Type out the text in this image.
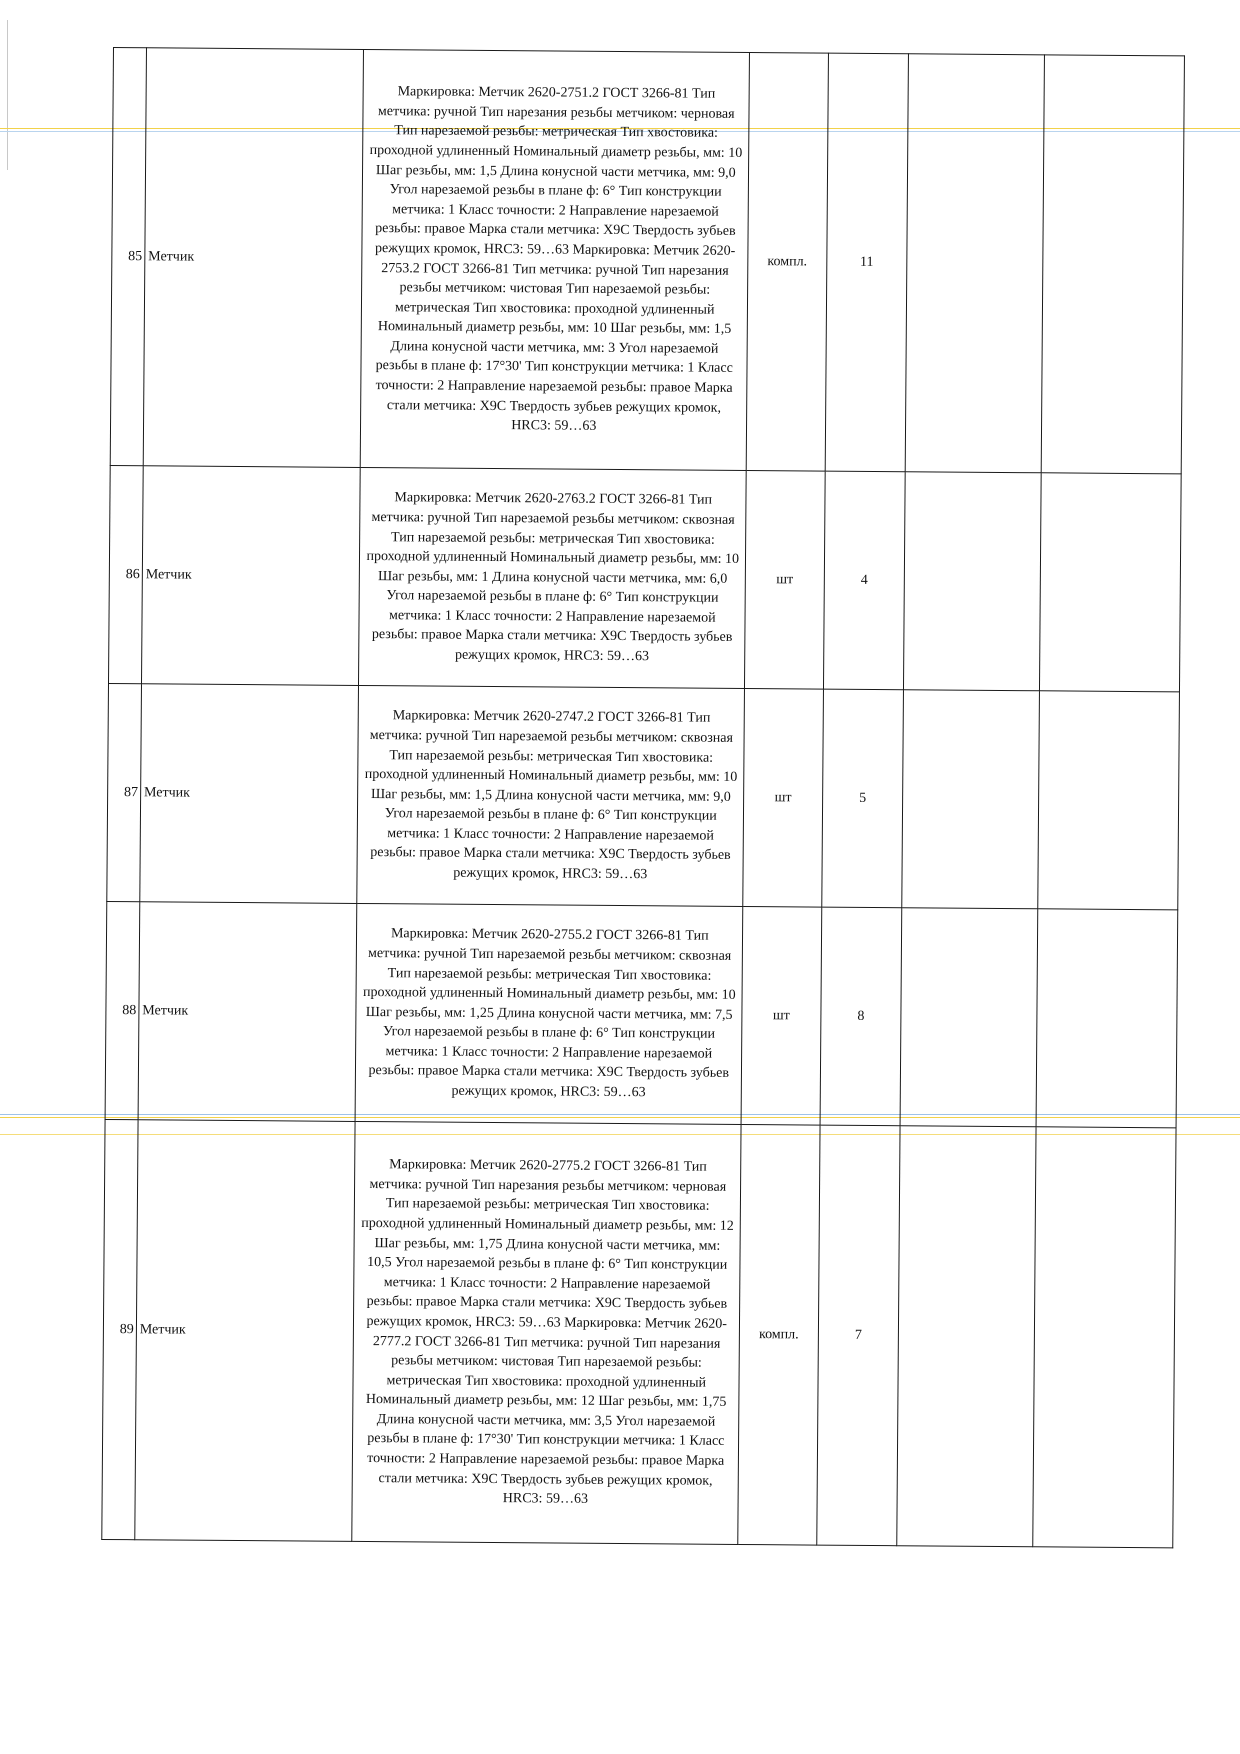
85	Метчик	Маркировка: Метчик 2620-2751.2 ГОСТ 3266-81 Тип метчика: ручной Тип нарезания резьбы метчиком: черновая Тип нарезаемой резьбы: метрическая Тип хвостовика: проходной удлиненный Номинальный диаметр резьбы, мм: 10 Шаг резьбы, мм: 1,5 Длина конусной части метчика, мм: 9,0 Угол нарезаемой резьбы в плане ф: 6° Тип конструкции метчика: 1 Класс точности: 2 Направление нарезаемой резьбы: правое Марка стали метчика: Х9С Твердость зубьев режущих кромок, HRC3: 59…63 Маркировка: Метчик 2620-2753.2 ГОСТ 3266-81 Тип метчика: ручной Тип нарезания резьбы метчиком: чистовая Тип нарезаемой резьбы: метрическая Тип хвостовика: проходной удлиненный Номинальный диаметр резьбы, мм: 10 Шаг резьбы, мм: 1,5 Длина конусной части метчика, мм: 3 Угол нарезаемой резьбы в плане ф: 17°30' Тип конструкции метчика: 1 Класс точности: 2 Направление нарезаемой резьбы: правое Марка стали метчика: Х9С Твердость зубьев режущих кромок, HRC3: 59…63	компл.	11		
86	Метчик	Маркировка: Метчик 2620-2763.2 ГОСТ 3266-81 Тип метчика: ручной Тип нарезаемой резьбы метчиком: сквозная Тип нарезаемой резьбы: метрическая Тип хвостовика: проходной удлиненный Номинальный диаметр резьбы, мм: 10 Шаг резьбы, мм: 1 Длина конусной части метчика, мм: 6,0 Угол нарезаемой резьбы в плане ф: 6° Тип конструкции метчика: 1 Класс точности: 2 Направление нарезаемой резьбы: правое Марка стали метчика: Х9С Твердость зубьев режущих кромок, HRC3: 59…63	шт	4		
87	Метчик	Маркировка: Метчик 2620-2747.2 ГОСТ 3266-81 Тип метчика: ручной Тип нарезаемой резьбы метчиком: сквозная Тип нарезаемой резьбы: метрическая Тип хвостовика: проходной удлиненный Номинальный диаметр резьбы, мм: 10 Шаг резьбы, мм: 1,5 Длина конусной части метчика, мм: 9,0 Угол нарезаемой резьбы в плане ф: 6° Тип конструкции метчика: 1 Класс точности: 2 Направление нарезаемой резьбы: правое Марка стали метчика: Х9С Твердость зубьев режущих кромок, HRC3: 59…63	шт	5		
88	Метчик	Маркировка: Метчик 2620-2755.2 ГОСТ 3266-81 Тип метчика: ручной Тип нарезаемой резьбы метчиком: сквозная Тип нарезаемой резьбы: метрическая Тип хвостовика: проходной удлиненный Номинальный диаметр резьбы, мм: 10 Шаг резьбы, мм: 1,25 Длина конусной части метчика, мм: 7,5 Угол нарезаемой резьбы в плане ф: 6° Тип конструкции метчика: 1 Класс точности: 2 Направление нарезаемой резьбы: правое Марка стали метчика: Х9С Твердость зубьев режущих кромок, HRC3: 59…63	шт	8		
89	Метчик	Маркировка: Метчик 2620-2775.2 ГОСТ 3266-81 Тип метчика: ручной Тип нарезания резьбы метчиком: черновая Тип нарезаемой резьбы: метрическая Тип хвостовика: проходной удлиненный Номинальный диаметр резьбы, мм: 12 Шаг резьбы, мм: 1,75 Длина конусной части метчика, мм: 10,5 Угол нарезаемой резьбы в плане ф: 6° Тип конструкции метчика: 1 Класс точности: 2 Направление нарезаемой резьбы: правое Марка стали метчика: Х9С Твердость зубьев режущих кромок, HRC3: 59…63 Маркировка: Метчик 2620-2777.2 ГОСТ 3266-81 Тип метчика: ручной Тип нарезания резьбы метчиком: чистовая Тип нарезаемой резьбы: метрическая Тип хвостовика: проходной удлиненный Номинальный диаметр резьбы, мм: 12 Шаг резьбы, мм: 1,75 Длина конусной части метчика, мм: 3,5 Угол нарезаемой резьбы в плане ф: 17°30' Тип конструкции метчика: 1 Класс точности: 2 Направление нарезаемой резьбы: правое Марка стали метчика: Х9С Твердость зубьев режущих кромок, HRC3: 59…63	компл.	7		
